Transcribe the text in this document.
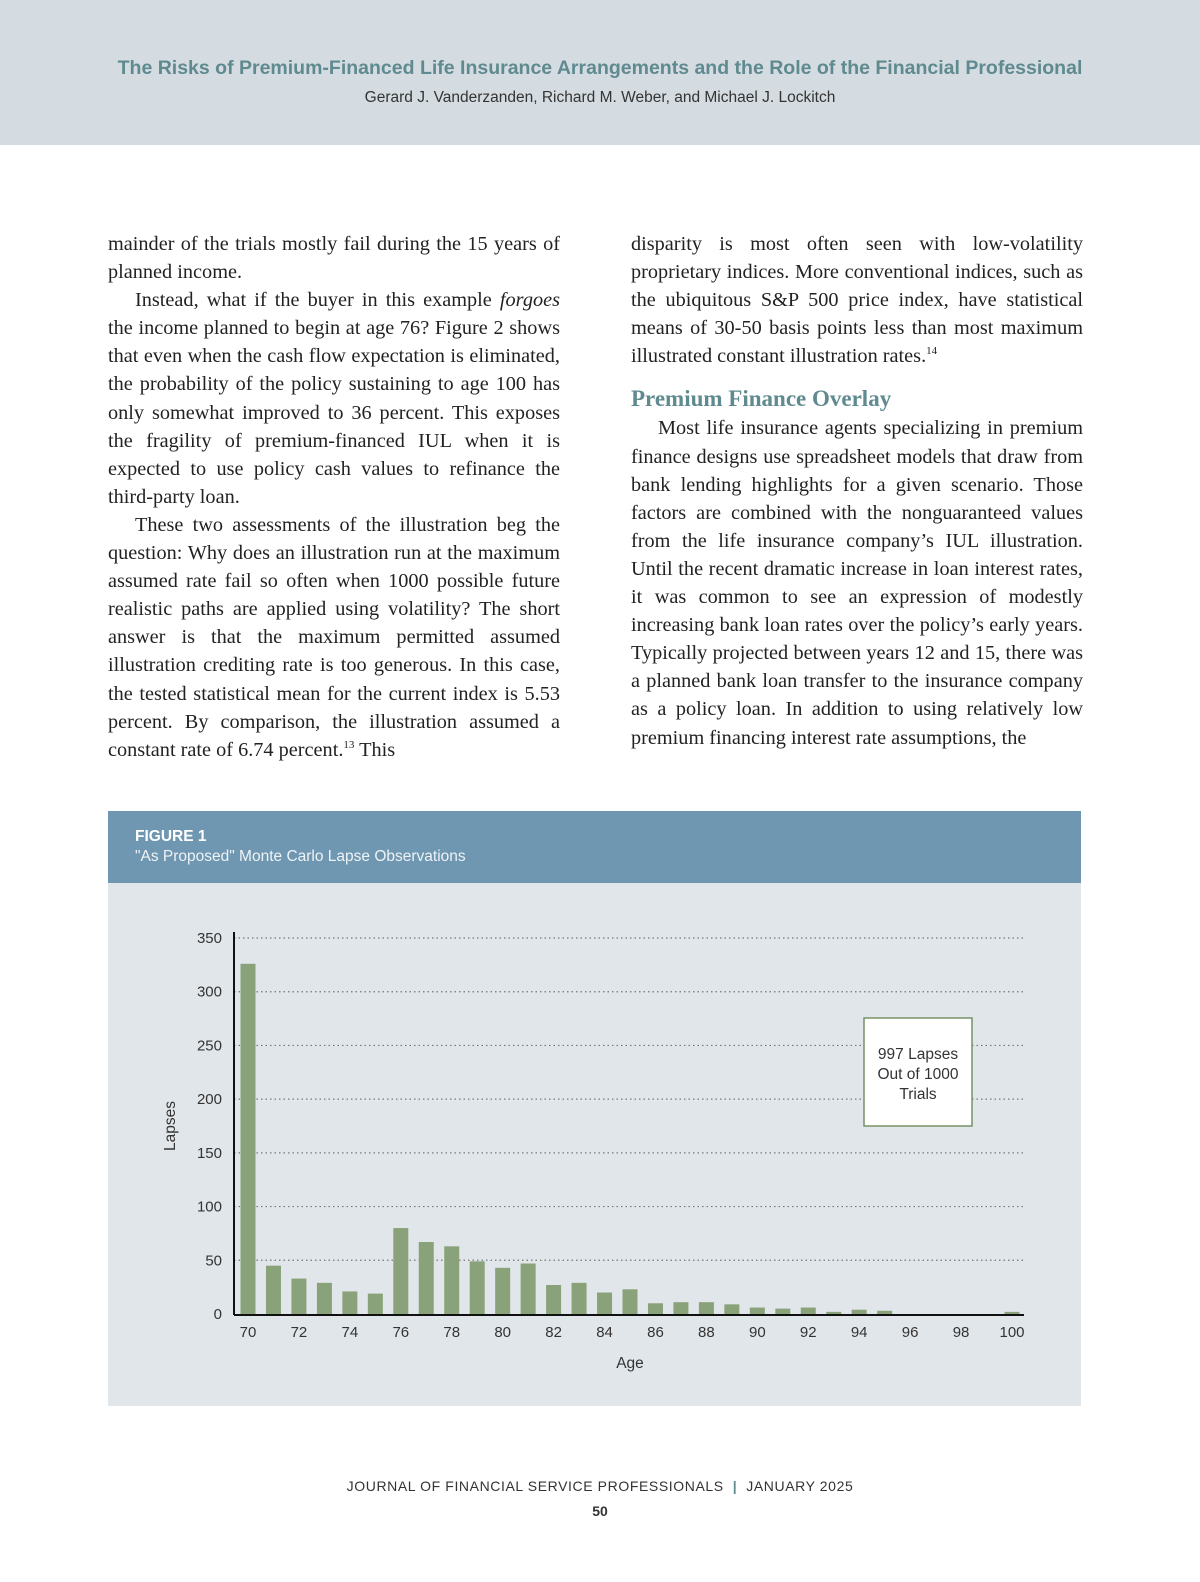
The Risks of Premium-Financed Life Insurance Arrangements and the Role of the Financial Professional
Gerard J. Vanderzanden, Richard M. Weber, and Michael J. Lockitch

mainder of the trials mostly fail during the 15 years of planned income.

Instead, what if the buyer in this example forgoes the income planned to begin at age 76? Figure 2 shows that even when the cash flow expectation is eliminated, the probability of the policy sustaining to age 100 has only somewhat improved to 36 percent. This exposes the fragility of premium-financed IUL when it is expected to use policy cash values to refinance the third-party loan.

These two assessments of the illustration beg the question: Why does an illustration run at the maximum assumed rate fail so often when 1000 possible future realistic paths are applied using volatility? The short answer is that the maximum permitted assumed illustration crediting rate is too generous. In this case, the tested statistical mean for the current index is 5.53 percent. By comparison, the illustration assumed a constant rate of 6.74 percent.$^{13}$ This

disparity is most often seen with low-volatility proprietary indices. More conventional indices, such as the ubiquitous S&P 500 price index, have statistical means of 30-50 basis points less than most maximum illustrated constant illustration rates.$^{14}$

Premium Finance Overlay

Most life insurance agents specializing in premium finance designs use spreadsheet models that draw from bank lending highlights for a given scenario. Those factors are combined with the nonguaranteed values from the life insurance company’s IUL illustration. Until the recent dramatic increase in loan interest rates, it was common to see an expression of modestly increasing bank loan rates over the policy’s early years. Typically projected between years 12 and 15, there was a planned bank loan transfer to the insurance company as a policy loan. In addition to using relatively low premium financing interest rate assumptions, the

0
50
100
150
200
250
300
350
70 72 74 76 78 80 82 84 86 88 90 92 94 96 98 100
Age
Lapses
997 Lapses
Out of 1000
Trials
FIGURE 1
"As Proposed" Monte Carlo Lapse Observations
JOURNAL OF FINANCIAL SERVICE PROFESSIONALS | JANUARY 2025
50
